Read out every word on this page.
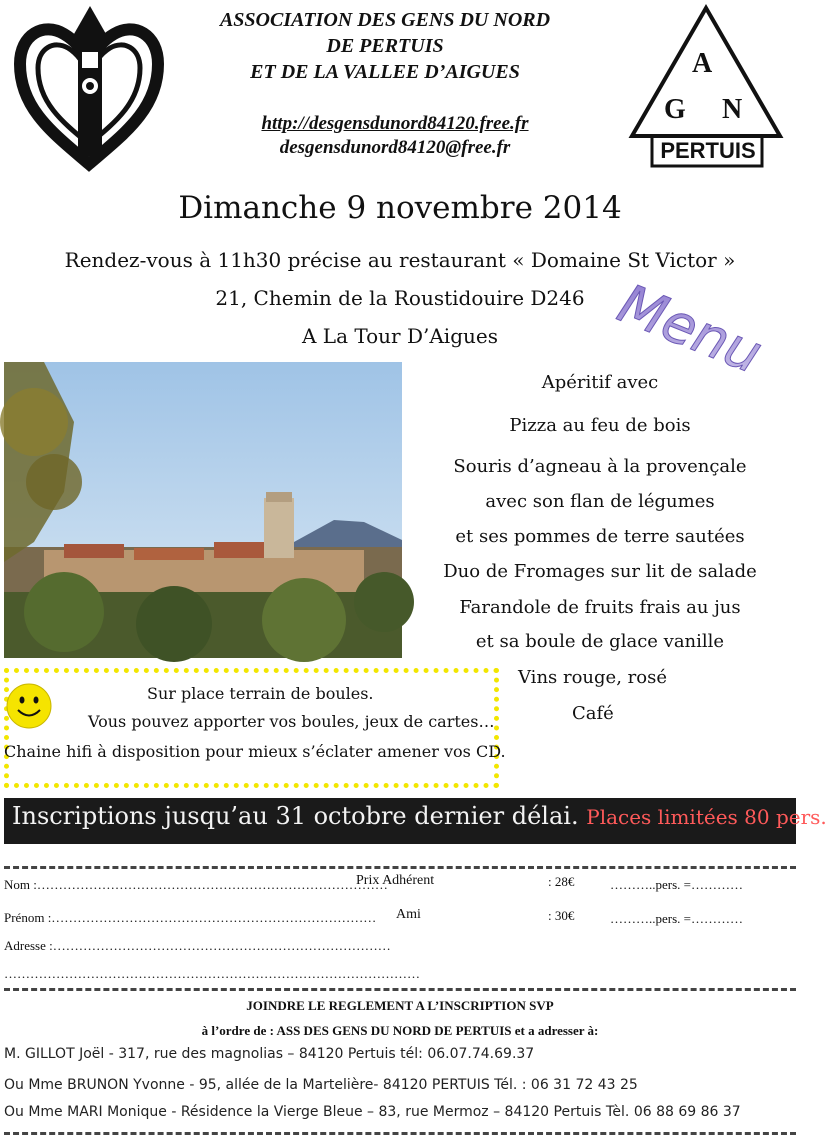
ASSOCIATION DES GENS DU NORD
DE PERTUIS
ET DE LA VALLEE D’AIGUES
http://desgensdunord84120.free.fr
desgensdunord84120@free.fr
A
G N
PERTUIS
Dimanche 9 novembre 2014
Rendez-vous à 11h30 précise au restaurant « Domaine St Victor »
21, Chemin de la Roustidouire D246
A La Tour D’Aigues	Menu
Apéritif avec
Pizza au feu de bois
Souris d’agneau à la provençale
avec son flan de légumes
et ses pommes de terre sautées
Duo de Fromages sur lit de salade
Farandole de fruits frais au jus
et sa boule de glace vanille
Vins rouge, rosé
Café
Sur place terrain de boules.
Vous pouvez apporter vos boules, jeux de cartes…
Chaine hifi à disposition pour mieux s’éclater amener vos CD.
Inscriptions jusqu’au 31 octobre dernier délai. Places limitées 80 pers.
Nom :………………………………………………………………………
Prix Adhérent	: 28€	………..pers. =…………
Prénom :………………………………………………………………… Ami	: 30€	………..pers. =…………
Adresse :……………………………………………………………………
……………………………………………………………………………………
JOINDRE LE REGLEMENT A L’INSCRIPTION SVP
à l’ordre de : ASS DES GENS DU NORD DE PERTUIS et a adresser à:
M. GILLOT Joël - 317, rue des magnolias – 84120 Pertuis tél: 06.07.74.69.37
Ou Mme BRUNON Yvonne - 95, allée de la Martelière- 84120 PERTUIS Tél. : 06 31 72 43 25
Ou Mme MARI Monique - Résidence la Vierge Bleue – 83, rue Mermoz – 84120 Pertuis Tèl. 06 88 69 86 37
